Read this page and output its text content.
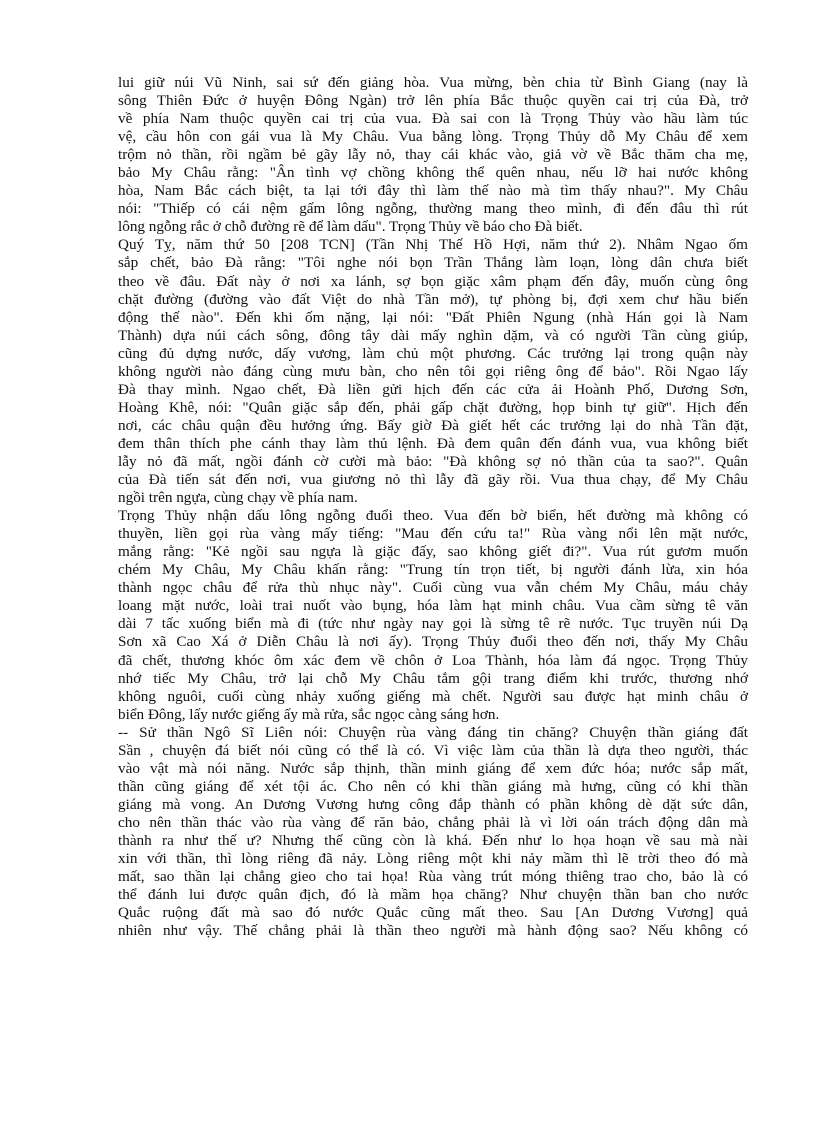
lui giữ núi Vũ Ninh, sai sứ đến giảng hòa. Vua mừng, bèn chia từ Bình Giang (nay là
sông Thiên Đức ở huyện Đông Ngàn) trở lên phía Bắc thuộc quyền cai trị của Đà, trở
về phía Nam thuộc quyền cai trị của vua. Đà sai con là Trọng Thủy vào hầu làm túc
vệ, cầu hôn con gái vua là My Châu. Vua bằng lòng. Trọng Thủy dỗ My Châu để xem
trộm nỏ thần, rồi ngầm bẻ gãy lẫy nỏ, thay cái khác vào, giả vờ về Bắc thăm cha mẹ,
bảo My Châu rằng: "Ân tình vợ chồng không thể quên nhau, nếu lỡ hai nước không
hòa, Nam Bắc cách biệt, ta lại tới đây thì làm thế nào mà tìm thấy nhau?". My Châu
nói: "Thiếp có cái nệm gấm lông ngỗng, thường mang theo mình, đi đến đâu thì rút
lông ngỗng rắc ở chỗ đường rẽ để làm dấu". Trọng Thủy về báo cho Đà biết.
Quý Tỵ, năm thứ 50 [208 TCN] (Tần Nhị Thế Hồ Hợi, năm thứ 2). Nhâm Ngao ốm
sắp chết, bảo Đà rằng: "Tôi nghe nói bọn Trần Thắng làm loạn, lòng dân chưa biết
theo về đâu. Đất này ở nơi xa lánh, sợ bọn giặc xâm phạm đến đây, muốn cùng ông
chặt đường (đường vào đất Việt do nhà Tần mở), tự phòng bị, đợi xem chư hầu biến
động thế nào". Đến khi ốm nặng, lại nói: "Đất Phiên Ngung (nhà Hán gọi là Nam
Thành) dựa núi cách sông, đông tây dài mấy nghìn dặm, và có người Tần cùng giúp,
cũng đủ dựng nước, dấy vương, làm chủ một phương. Các trưởng lại trong quận này
không người nào đáng cùng mưu bàn, cho nên tôi gọi riêng ông để bảo". Rồi Ngao lấy
Đà thay mình. Ngao chết, Đà liền gửi hịch đến các cửa ải Hoành Phố, Dương Sơn,
Hoàng Khê, nói: "Quân giặc sắp đến, phải gấp chặt đường, họp binh tự giữ". Hịch đến
nơi, các châu quận đều hưởng ứng. Bấy giờ Đà giết hết các trưởng lại do nhà Tần đặt,
đem thân thích phe cánh thay làm thủ lệnh. Đà đem quân đến đánh vua, vua không biết
lẫy nỏ đã mất, ngồi đánh cờ cười mà bảo: "Đà không sợ nỏ thần của ta sao?". Quân
của Đà tiến sát đến nơi, vua giương nỏ thì lẫy đã gãy rồi. Vua thua chạy, để My Châu
ngồi trên ngựa, cùng chạy về phía nam.
Trọng Thủy nhận dấu lông ngỗng đuổi theo. Vua đến bờ biển, hết đường mà không có
thuyền, liền gọi rùa vàng mấy tiếng: "Mau đến cứu ta!" Rùa vàng nổi lên mặt nước,
mắng rằng: "Kẻ ngồi sau ngựa là giặc đấy, sao không giết đi?". Vua rút gươm muốn
chém My Châu, My Châu khấn rằng: "Trung tín trọn tiết, bị người đánh lừa, xin hóa
thành ngọc châu để rửa thù nhục này". Cuối cùng vua vẫn chém My Châu, máu chảy
loang mặt nước, loài trai nuốt vào bụng, hóa làm hạt minh châu. Vua cầm sừng tê văn
dài 7 tấc xuống biển mà đi (tức như ngày nay gọi là sừng tê rẽ nước. Tục truyền núi Dạ
Sơn xã Cao Xá ở Diễn Châu là nơi ấy). Trọng Thủy đuổi theo đến nơi, thấy My Châu
đã chết, thương khóc ôm xác đem về chôn ở Loa Thành, hóa làm đá ngọc. Trọng Thủy
nhớ tiếc My Châu, trở lại chỗ My Châu tắm gội trang điểm khi trước, thương nhớ
không nguôi, cuối cùng nhảy xuống giếng mà chết. Người sau được hạt minh châu ở
biển Đông, lấy nước giếng ấy mà rửa, sắc ngọc càng sáng hơn.
-- Sử thần Ngô Sĩ Liên nói: Chuyện rùa vàng đáng tin chăng? Chuyện thần giáng đất
Sần , chuyện đá biết nói cũng có thể là có. Vì việc làm của thần là dựa theo người, thác
vào vật mà nói năng. Nước sắp thịnh, thần minh giáng để xem đức hóa; nước sắp mất,
thần cũng giáng để xét tội ác. Cho nên có khi thần giáng mà hưng, cũng có khi thần
giáng mà vong. An Dương Vương hưng công đắp thành có phần không dè dặt sức dân,
cho nên thần thác vào rùa vàng để răn bảo, chẳng phải là vì lời oán trách động dân mà
thành ra như thế ư? Nhưng thế cũng còn là khá. Đến như lo họa hoạn về sau mà nài
xin với thần, thì lòng riêng đã nảy. Lòng riêng một khi nảy mầm thì lẽ trời theo đó mà
mất, sao thần lại chẳng gieo cho tai họa! Rùa vàng trút móng thiêng trao cho, bảo là có
thể đánh lui được quân địch, đó là mầm họa chăng? Như chuyện thần ban cho nước
Quắc ruộng đất mà sao đó nước Quắc cũng mất theo. Sau [An Dương Vương] quả
nhiên như vậy. Thế chẳng phải là thần theo người mà hành động sao? Nếu không có
